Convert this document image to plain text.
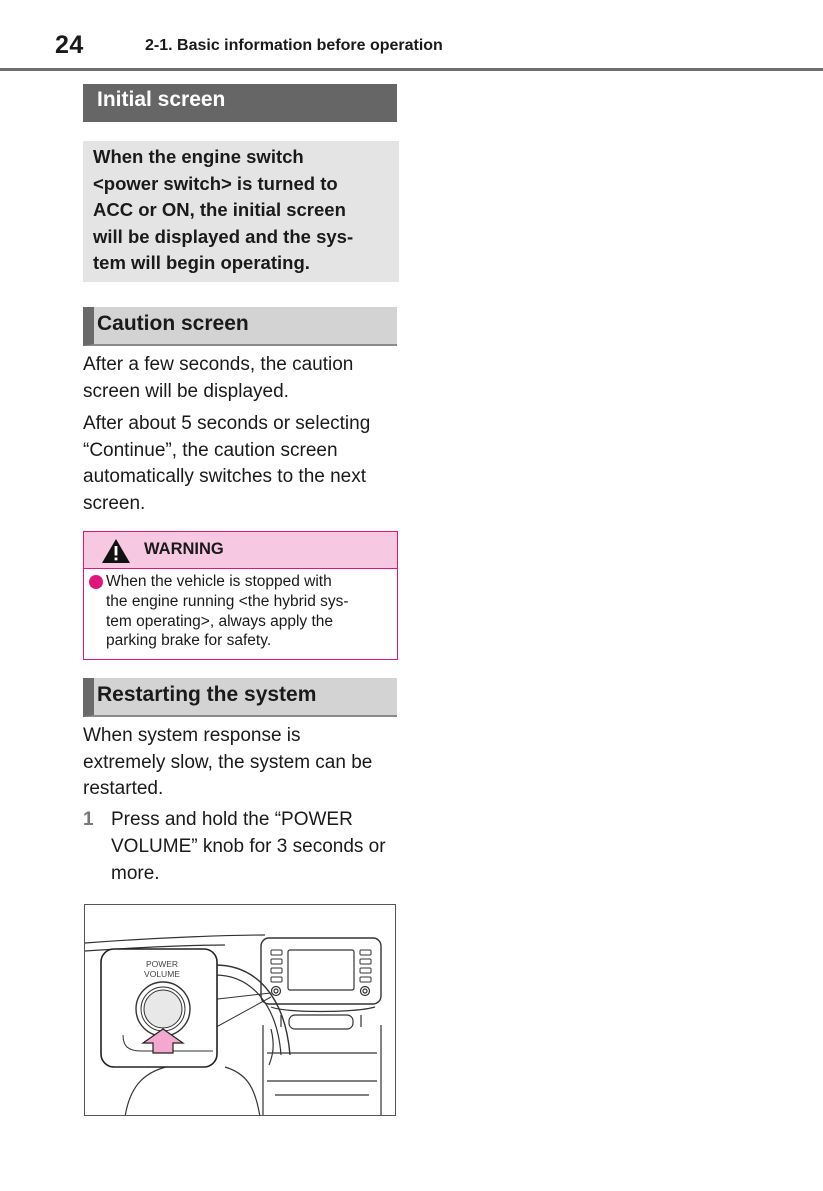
24	2-1. Basic information before operation
Initial screen
When the engine switch
<power switch> is turned to
ACC or ON, the initial screen
will be displayed and the sys-
tem will begin operating.
Caution screen
After a few seconds, the caution
screen will be displayed.
After about 5 seconds or selecting
“Continue”, the caution screen
automatically switches to the next
screen.
WARNING
When the vehicle is stopped with
the engine running <the hybrid sys-
tem operating>, always apply the
parking brake for safety.
Restarting the system
When system response is
extremely slow, the system can be
restarted.
1 Press and hold the “POWER
VOLUME” knob for 3 seconds or
more.
POWER
VOLUME
